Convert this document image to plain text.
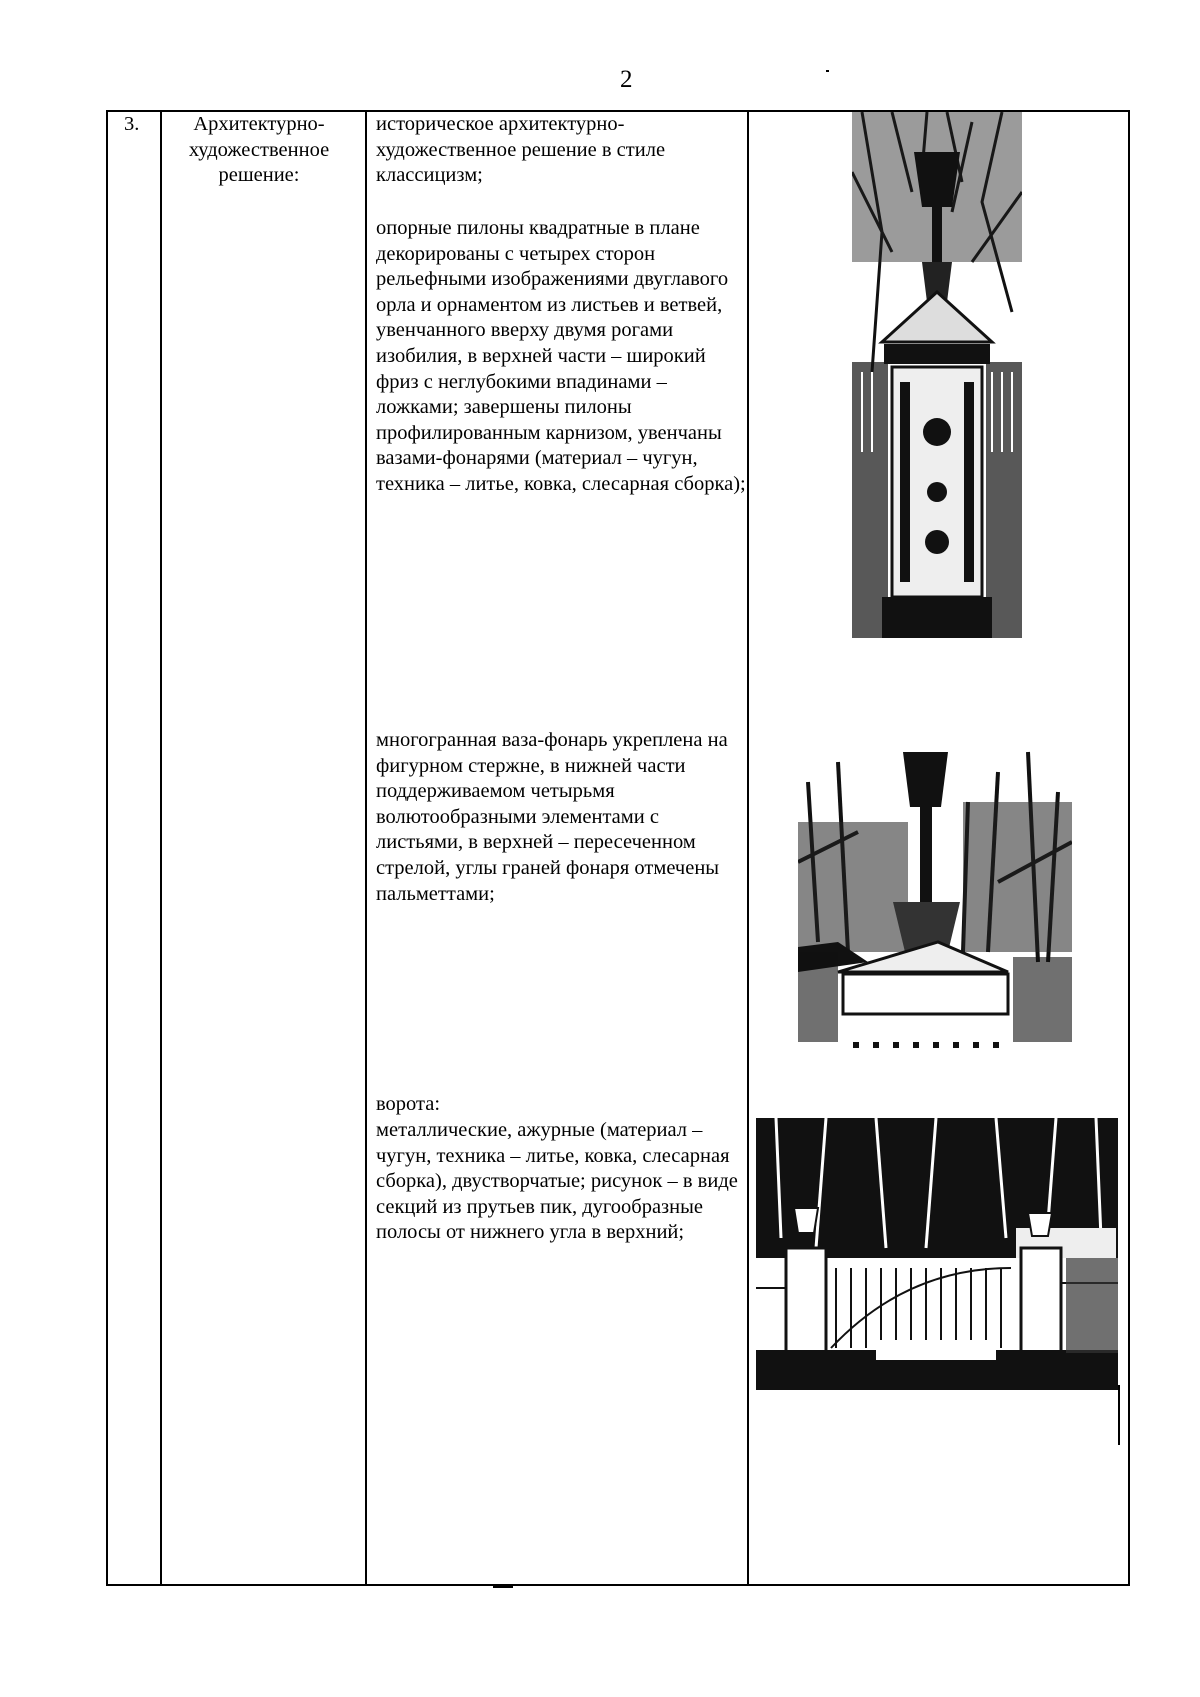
2
3.	Архитектурно-художественное решение:
историческое архитектурно-художественное решение в стиле классицизм;
опорные пилоны квадратные в плане декорированы с четырех сторон рельефными изображениями двуглавого орла и орнаментом из листьев и ветвей, увенчанного вверху двумя рогами изобилия, в верхней части – широкий фриз с неглубокими впадинами – ложками; завершены пилоны профилированным карнизом, увенчаны вазами-фонарями (материал – чугун, техника – литье, ковка, слесарная сборка);
многогранная ваза-фонарь укреплена на фигурном стержне, в нижней части поддерживаемом четырьмя волютообразными элементами с листьями, в верхней – пересеченном стрелой, углы граней фонаря отмечены пальметтами;
ворота:
металлические, ажурные (материал – чугун, техника – литье, ковка, слесарная сборка), двустворчатые; рисунок – в виде секций из прутьев пик, дугообразные полосы от нижнего угла в верхний;
